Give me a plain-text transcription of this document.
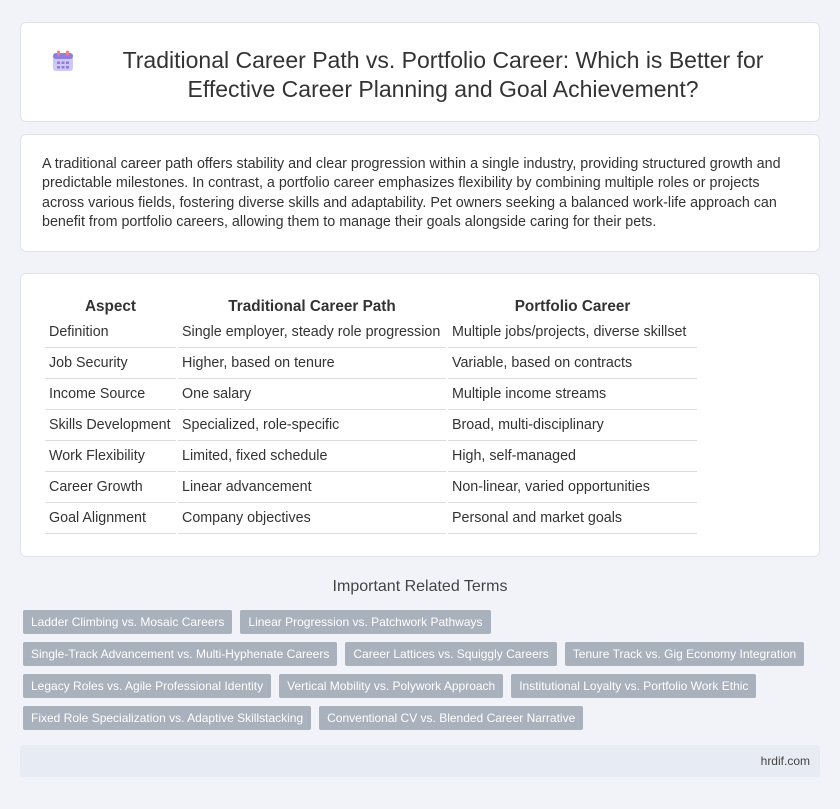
Traditional Career Path vs. Portfolio Career: Which is Better for Effective Career Planning and Goal Achievement?

A traditional career path offers stability and clear progression within a single industry, providing structured growth and predictable milestones. In contrast, a portfolio career emphasizes flexibility by combining multiple roles or projects across various fields, fostering diverse skills and adaptability. Pet owners seeking a balanced work-life approach can benefit from portfolio careers, allowing them to manage their goals alongside caring for their pets.

Aspect	Traditional Career Path	Portfolio Career
Definition	Single employer, steady role progression	Multiple jobs/projects, diverse skillset
Job Security	Higher, based on tenure	Variable, based on contracts
Income Source	One salary	Multiple income streams
Skills Development	Specialized, role-specific	Broad, multi-disciplinary
Work Flexibility	Limited, fixed schedule	High, self-managed
Career Growth	Linear advancement	Non-linear, varied opportunities
Goal Alignment	Company objectives	Personal and market goals
Important Related Terms
Ladder Climbing vs. Mosaic Careers	Linear Progression vs. Patchwork Pathways
Single-Track Advancement vs. Multi-Hyphenate Careers	Career Lattices vs. Squiggly Careers	Tenure Track vs. Gig Economy Integration
Legacy Roles vs. Agile Professional Identity	Vertical Mobility vs. Polywork Approach	Institutional Loyalty vs. Portfolio Work Ethic
Fixed Role Specialization vs. Adaptive Skillstacking	Conventional CV vs. Blended Career Narrative
hrdif.com
